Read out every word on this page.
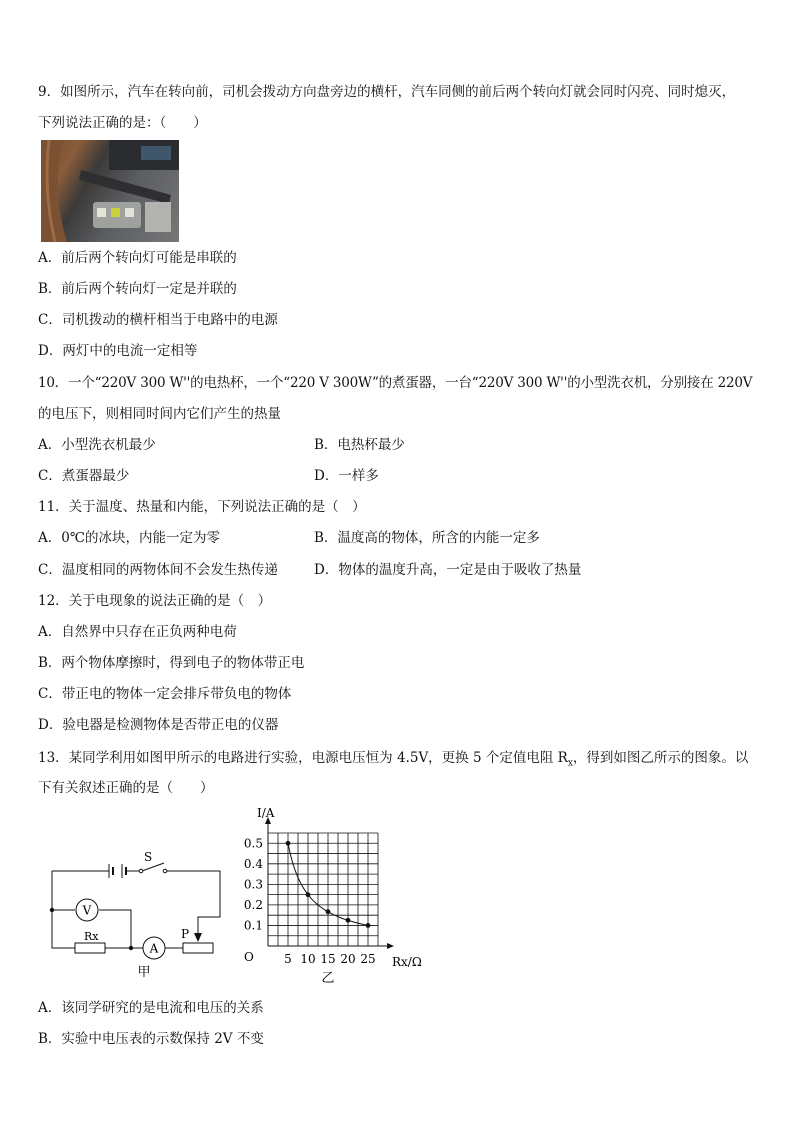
9．如图所示，汽车在转向前，司机会拨动方向盘旁边的横杆，汽车同侧的前后两个转向灯就会同时闪亮、同时熄灭，
下列说法正确的是：（　　）
A．前后两个转向灯可能是串联的
B．前后两个转向灯一定是并联的
C．司机拨动的横杆相当于电路中的电源
D．两灯中的电流一定相等
10．一个“220V 300 W''的电热杯，一个“220 V 300W”的煮蛋器，一台“220V 300 W''的小型洗衣机，分别接在 220V
的电压下，则相同时间内它们产生的热量
A．小型洗衣机最少	B．电热杯最少
C．煮蛋器最少	D．一样多
11．关于温度、热量和内能，下列说法正确的是（　）
A．0℃的冰块，内能一定为零	B．温度高的物体，所含的内能一定多
C．温度相同的两物体间不会发生热传递	D．物体的温度升高，一定是由于吸收了热量
12．关于电现象的说法正确的是（　）
A．自然界中只存在正负两种电荷
B．两个物体摩擦时，得到电子的物体带正电
C．带正电的物体一定会排斥带负电的物体
D．验电器是检测物体是否带正电的仪器
13．某同学利用如图甲所示的电路进行实验，电源电压恒为 4.5V，更换 5 个定值电阻 $R_x$，得到如图乙所示的图象。以
下有关叙述正确的是（　　）
S
V
Rx
A
P
甲
5 10 15 20 25
0.1
0.2
0.3
0.4
0.5
I/A
Rx/Ω
O
乙
A．该同学研究的是电流和电压的关系
B．实验中电压表的示数保持 2V 不变
